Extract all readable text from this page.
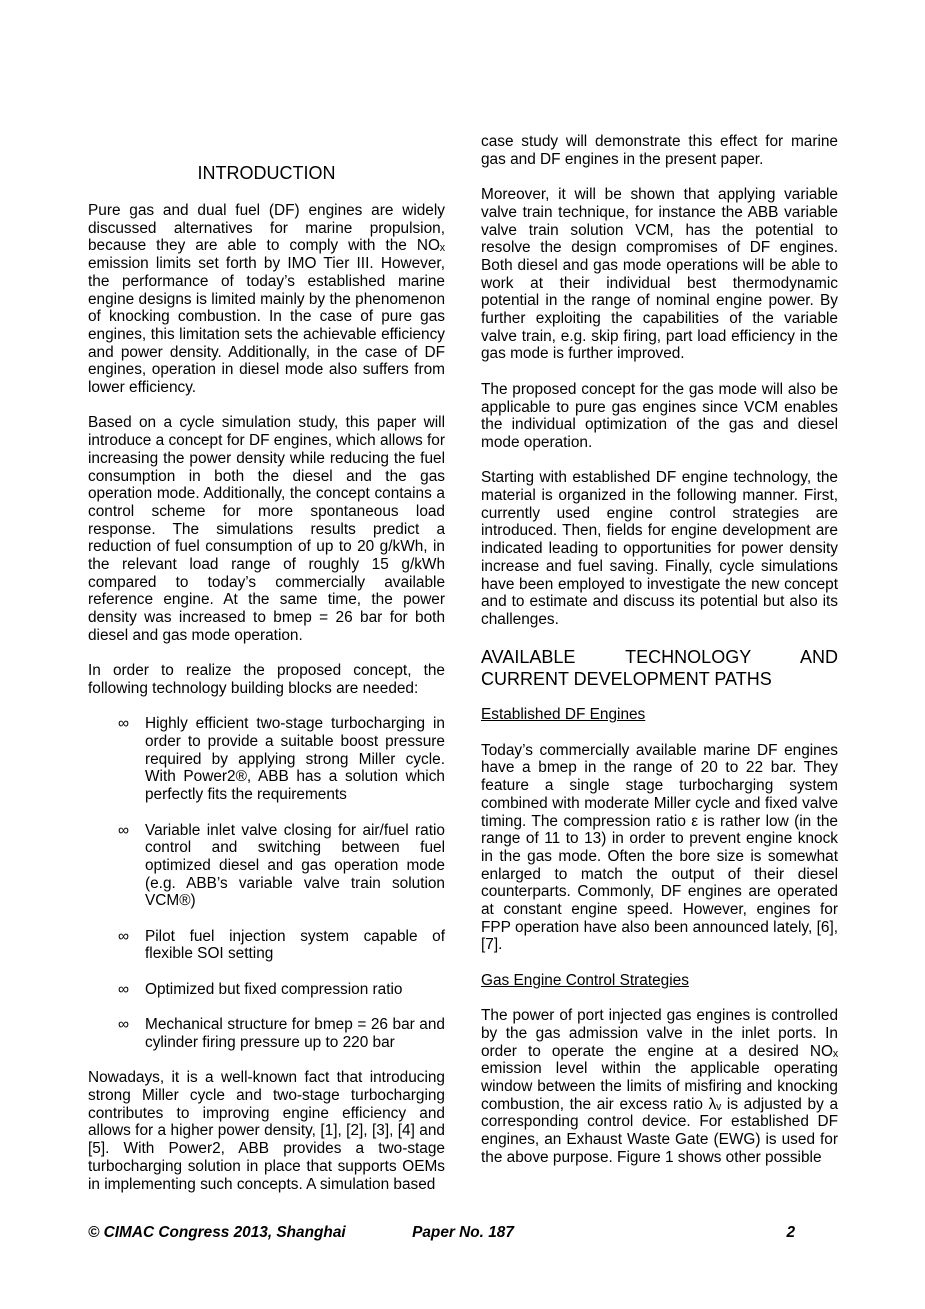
INTRODUCTION

Pure gas and dual fuel (DF) engines are widely discussed alternatives for marine propulsion, because they are able to comply with the NOₓ emission limits set forth by IMO Tier III. However, the performance of today’s established marine engine designs is limited mainly by the phenomenon of knocking combustion. In the case of pure gas engines, this limitation sets the achievable efficiency and power density. Additionally, in the case of DF engines, operation in diesel mode also suffers from lower efficiency.

Based on a cycle simulation study, this paper will introduce a concept for DF engines, which allows for increasing the power density while reducing the fuel consumption in both the diesel and the gas operation mode. Additionally, the concept contains a control scheme for more spontaneous load response. The simulations results predict a reduction of fuel consumption of up to 20 g/kWh, in the relevant load range of roughly 15 g/kWh compared to today’s commercially available reference engine. At the same time, the power density was increased to bmep = 26 bar for both diesel and gas mode operation.

In order to realize the proposed concept, the following technology building blocks are needed:

∞	Highly efficient two-stage turbocharging in order to provide a suitable boost pressure required by applying strong Miller cycle. With Power2®, ABB has a solution which perfectly fits the requirements
∞	Variable inlet valve closing for air/fuel ratio control and switching between fuel optimized diesel and gas operation mode (e.g. ABB’s variable valve train solution VCM®)
∞	Pilot fuel injection system capable of flexible SOI setting
∞	Optimized but fixed compression ratio
∞	Mechanical structure for bmep = 26 bar and cylinder firing pressure up to 220 bar

Nowadays, it is a well-known fact that introducing strong Miller cycle and two-stage turbocharging contributes to improving engine efficiency and allows for a higher power density, [1], [2], [3], [4] and [5]. With Power2, ABB provides a two-stage turbocharging solution in place that supports OEMs in implementing such concepts. A simulation based

case study will demonstrate this effect for marine gas and DF engines in the present paper.

Moreover, it will be shown that applying variable valve train technique, for instance the ABB variable valve train solution VCM, has the potential to resolve the design compromises of DF engines. Both diesel and gas mode operations will be able to work at their individual best thermodynamic potential in the range of nominal engine power. By further exploiting the capabilities of the variable valve train, e.g. skip firing, part load efficiency in the gas mode is further improved.

The proposed concept for the gas mode will also be applicable to pure gas engines since VCM enables the individual optimization of the gas and diesel mode operation.

Starting with established DF engine technology, the material is organized in the following manner. First, currently used engine control strategies are introduced. Then, fields for engine development are indicated leading to opportunities for power density increase and fuel saving. Finally, cycle simulations have been employed to investigate the new concept and to estimate and discuss its potential but also its challenges.

AVAILABLE TECHNOLOGY AND CURRENT DEVELOPMENT PATHS
Established DF Engines

Today’s commercially available marine DF engines have a bmep in the range of 20 to 22 bar. They feature a single stage turbocharging system combined with moderate Miller cycle and fixed valve timing. The compression ratio ε is rather low (in the range of 11 to 13) in order to prevent engine knock in the gas mode. Often the bore size is somewhat enlarged to match the output of their diesel counterparts. Commonly, DF engines are operated at constant engine speed. However, engines for FPP operation have also been announced lately, [6], [7].

Gas Engine Control Strategies

The power of port injected gas engines is controlled by the gas admission valve in the inlet ports. In order to operate the engine at a desired NOₓ emission level within the applicable operating window between the limits of misfiring and knocking combustion, the air excess ratio λᵥ is adjusted by a corresponding control device. For established DF engines, an Exhaust Waste Gate (EWG) is used for the above purpose. Figure 1 shows other possible

© CIMAC Congress 2013, Shanghai	Paper No. 187	2
